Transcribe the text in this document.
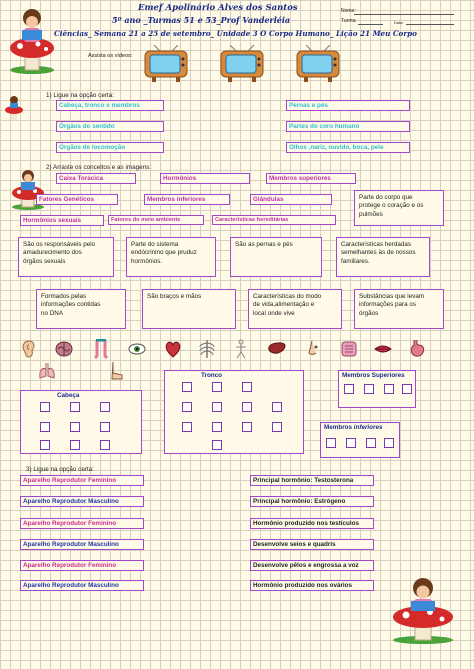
Emef Apolinário Alves dos Santos
5º ano _Turmas 51 e 53_Prof Vanderléia
Nome:
Turma:	Data:
Ciências_ Semana 21 a 25 de setembro_ Unidade 3 O Corpo Humano_ Lição 21 Meu Corpo
Assista os vídeos:
1) Ligue na opção certa:
Cabeça, tronco e membros
Órgãos do sentido
Órgãos de locomoção
Pernas e pés
Partes do coro humano
Olhos ,nariz, ouvido, boca, pele
2) Arraste os conceitos e as imagens:
Caixa Torácica	Hormônios	Membros superiores
Fatores Genéticos	Membros inferiores	Glândulas
Hormônios sexuais	Fatores do meio ambiente	Características hereditárias
Parte do corpo que
protege o coração e os
pulmões
São os responsáveis pelo
amadurecimento dos
órgãos sexuais
Parte do sistema
endócrinino que pruduz
hormônios.
São as pernas e pés	Características herdadas
semelhantes às de nossos
familiares.
Formados pelas
informações contidas
no DNA
São braços e mãos	Características do modo
de vida,alimentação e
local onde vive
Substâncias que levam
informações para os
órgãos
Cabeça
Tronco	Membros Superiores
Membros inferiores
3) Ligue na opção certa:
Aparelho Reprodutor Feminino
Aparelho Reprodutor Masculino
Aparelho Reprodutor Feminino
Aparelho Reprodutor Masculino
Aparelho Reprodutor Feminino
Aparelho Reprodutor Masculino
Principal hormônio: Testosterona
Principal hormônio: Estrógeno
Hormônio produzido nos testículos
Desenvolve seios e quadris
Desenvolve pêlos e engrossa a voz
Hormônio produzido nos ovários
